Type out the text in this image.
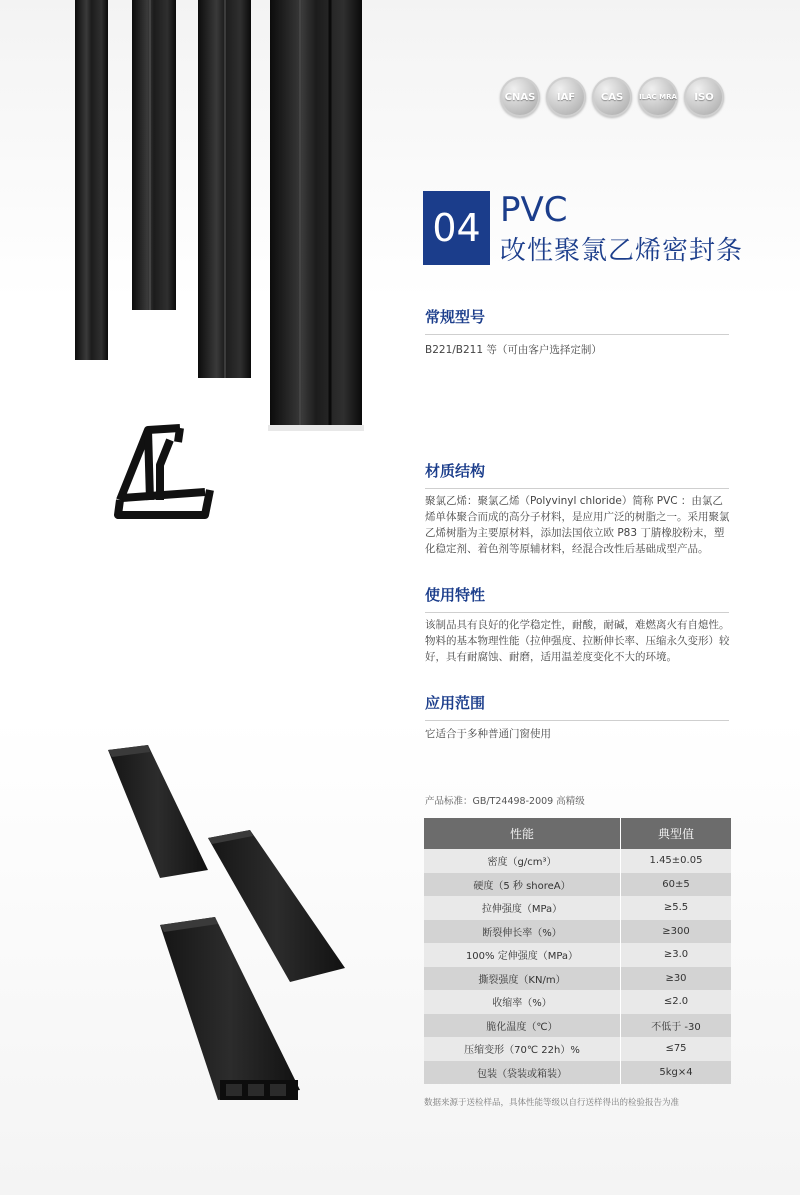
CNAS	IAF	CAS	ILAC MRA	ISO
04 PVC
改性聚氯乙烯密封条
常规型号

B221/B211 等（可由客户选择定制）

材质结构

聚氯乙烯：聚氯乙烯（Polyvinyl chloride）简称 PVC ：由氯乙烯单体聚合而成的高分子材料，是应用广泛的树脂之一。采用聚氯乙烯树脂为主要原材料，添加法国依立欧 P83 丁腈橡胶粉末，塑化稳定剂、着色剂等原辅材料，经混合改性后基础成型产品。

使用特性

该制品具有良好的化学稳定性，耐酸，耐碱，难燃离火有自熄性。物料的基本物理性能（拉伸强度、拉断伸长率、压缩永久变形）较好，具有耐腐蚀、耐磨，适用温差度变化不大的环境。

应用范围

它适合于多种普通门窗使用

产品标准：GB/T24498-2009 高精级
性能	典型值
密度（g/cm³）	1.45±0.05
硬度（5 秒 shoreA）	60±5
拉伸强度（MPa）	≥5.5
断裂伸长率（%）	≥300
100% 定伸强度（MPa）	≥3.0
撕裂强度（KN/m）	≥30
收缩率（%）	≤2.0
脆化温度（℃）	不低于 -30
压缩变形（70℃ 22h）%	≤75
包装（袋装或箱装）	5kg×4
数据来源于送检样品，具体性能等级以自行送样得出的检验报告为准
